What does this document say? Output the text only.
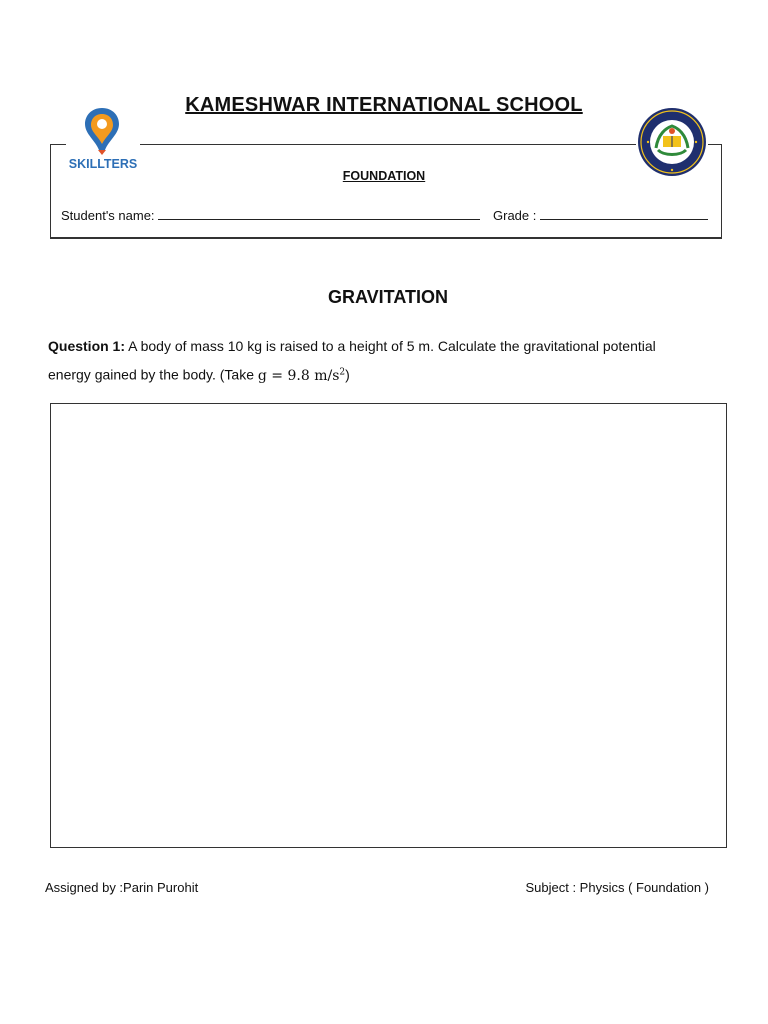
KAMESHWAR INTERNATIONAL SCHOOL
SKILLTERS
FOUNDATION
Student's name:	Grade :
GRAVITATION
Question 1: A body of mass 10 kg is raised to a height of 5 m. Calculate the gravitational potential energy gained by the body. (Take g = 9.8 $m/s^2$)
Assigned by :Parin Purohit	Subject : Physics ( Foundation )
